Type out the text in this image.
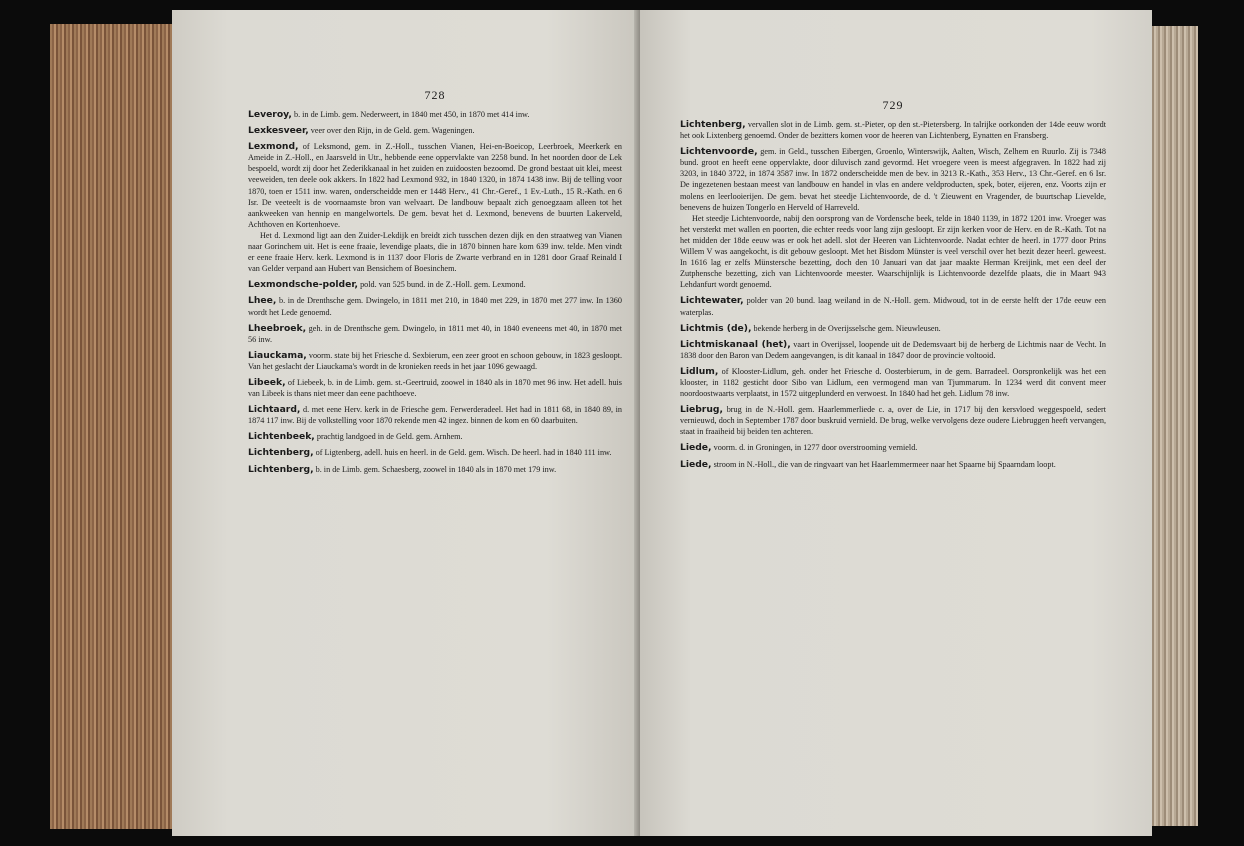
728
Leveroy, b. in de Limb. gem. Nederweert, in 1840 met 450, in 1870 met 414 inw.
Lexkesveer, veer over den Rijn, in de Geld. gem. Wageningen.
Lexmond, of Leksmond, gem. in Z.-Holl., tusschen Vianen, Hei-en-Boeicop, Leerbroek, Meerkerk en Ameide in Z.-Holl., en Jaarsveld in Utr., hebbende eene oppervlakte van 2258 bund. In het noorden door de Lek bespoeld, wordt zij door het Zederikkanaal in het zuiden en zuidoosten bezoomd. De grond bestaat uit klei, meest veeweiden, ten deele ook akkers. In 1822 had Lexmond 932, in 1840 1320, in 1874 1438 inw. Bij de telling voor 1870, toen er 1511 inw. waren, onderscheidde men er 1448 Herv., 41 Chr.-Geref., 1 Ev.-Luth., 15 R.-Kath. en 6 Isr. De veeteelt is de voornaamste bron van welvaart. De landbouw bepaalt zich genoegzaam alleen tot het aankweeken van hennip en mangelwortels. De gem. bevat het d. Lexmond, benevens de buurten Lakerveld, Achthoven en Kortenhoeve.

Het d. Lexmond ligt aan den Zuider-Lekdijk en breidt zich tusschen dezen dijk en den straatweg van Vianen naar Gorinchem uit. Het is eene fraaie, levendige plaats, die in 1870 binnen hare kom 639 inw. telde. Men vindt er eene fraaie Herv. kerk. Lexmond is in 1137 door Floris de Zwarte verbrand en in 1281 door Graaf Reinald I van Gelder verpand aan Hubert van Bensichem of Boesinchem.

Lexmondsche-polder, pold. van 525 bund. in de Z.-Holl. gem. Lexmond.
Lhee, b. in de Drenthsche gem. Dwingelo, in 1811 met 210, in 1840 met 229, in 1870 met 277 inw. In 1360 wordt het Lede genoemd.
Lheebroek, geh. in de Drenthsche gem. Dwingelo, in 1811 met 40, in 1840 eveneens met 40, in 1870 met 56 inw.
Liauckama, voorm. state bij het Friesche d. Sexbierum, een zeer groot en schoon gebouw, in 1823 gesloopt. Van het geslacht der Liauckama's wordt in de kronieken reeds in het jaar 1096 gewaagd.
Libeek, of Liebeek, b. in de Limb. gem. st.-Geertruid, zoowel in 1840 als in 1870 met 96 inw. Het adell. huis van Libeek is thans niet meer dan eene pachthoeve.
Lichtaard, d. met eene Herv. kerk in de Friesche gem. Ferwerderadeel. Het had in 1811 68, in 1840 89, in 1874 117 inw. Bij de volkstelling voor 1870 rekende men 42 ingez. binnen de kom en 60 daarbuiten.
Lichtenbeek, prachtig landgoed in de Geld. gem. Arnhem.
Lichtenberg, of Ligtenberg, adell. huis en heerl. in de Geld. gem. Wisch. De heerl. had in 1840 111 inw.
Lichtenberg, b. in de Limb. gem. Schaesberg, zoowel in 1840 als in 1870 met 179 inw.
729
Lichtenberg, vervallen slot in de Limb. gem. st.-Pieter, op den st.-Pietersberg. In talrijke oorkonden der 14de eeuw wordt het ook Lixtenberg genoemd. Onder de bezitters komen voor de heeren van Lichtenberg, Eynatten en Fransberg.
Lichtenvoorde, gem. in Geld., tusschen Eibergen, Groenlo, Winterswijk, Aalten, Wisch, Zelhem en Ruurlo. Zij is 7348 bund. groot en heeft eene oppervlakte, door diluvisch zand gevormd. Het vroegere veen is meest afgegraven. In 1822 had zij 3203, in 1840 3722, in 1874 3587 inw. In 1872 onderscheidde men de bev. in 3213 R.-Kath., 353 Herv., 13 Chr.-Geref. en 6 Isr. De ingezetenen bestaan meest van landbouw en handel in vlas en andere veldproducten, spek, boter, eijeren, enz. Voorts zijn er molens en leerlooierijen. De gem. bevat het steedje Lichtenvoorde, de d. 't Zieuwent en Vragender, de buurtschap Lievelde, benevens de huizen Tongerlo en Herveld of Harreveld.

Het steedje Lichtenvoorde, nabij den oorsprong van de Vordensche beek, telde in 1840 1139, in 1872 1201 inw. Vroeger was het versterkt met wallen en poorten, die echter reeds voor lang zijn gesloopt. Er zijn kerken voor de Herv. en de R.-Kath. Tot na het midden der 18de eeuw was er ook het adell. slot der Heeren van Lichtenvoorde. Nadat echter de heerl. in 1777 door Prins Willem V was aangekocht, is dit gebouw gesloopt. Met het Bisdom Münster is veel verschil over het bezit dezer heerl. geweest. In 1616 lag er zelfs Münstersche bezetting, doch den 10 Januari van dat jaar maakte Herman Kreijink, met een deel der Zutphensche bezetting, zich van Lichtenvoorde meester. Waarschijnlijk is Lichtenvoorde dezelfde plaats, die in Maart 943 Lehdanfurt wordt genoemd.

Lichtewater, polder van 20 bund. laag weiland in de N.-Holl. gem. Midwoud, tot in de eerste helft der 17de eeuw een waterplas.
Lichtmis (de), bekende herberg in de Overijsselsche gem. Nieuwleusen.
Lichtmiskanaal (het), vaart in Overijssel, loopende uit de Dedemsvaart bij de herberg de Lichtmis naar de Vecht. In 1838 door den Baron van Dedem aangevangen, is dit kanaal in 1847 door de provincie voltooid.
Lidlum, of Klooster-Lidlum, geh. onder het Friesche d. Oosterbierum, in de gem. Barradeel. Oorspronkelijk was het een klooster, in 1182 gesticht door Sibo van Lidlum, een vermogend man van Tjummarum. In 1234 werd dit convent meer noordoostwaarts verplaatst, in 1572 uitgeplunderd en verwoest. In 1840 had het geh. Lidlum 78 inw.
Liebrug, brug in de N.-Holl. gem. Haarlemmerliede c. a, over de Lie, in 1717 bij den kersvloed weggespoeld, sedert vernieuwd, doch in September 1787 door buskruid vernield. De brug, welke vervolgens deze oudere Liebruggen heeft vervangen, staat in fraaiheid bij beiden ten achteren.
Liede, voorm. d. in Groningen, in 1277 door overstrooming vernield.
Liede, stroom in N.-Holl., die van de ringvaart van het Haarlemmermeer naar het Spaarne bij Spaarndam loopt.
